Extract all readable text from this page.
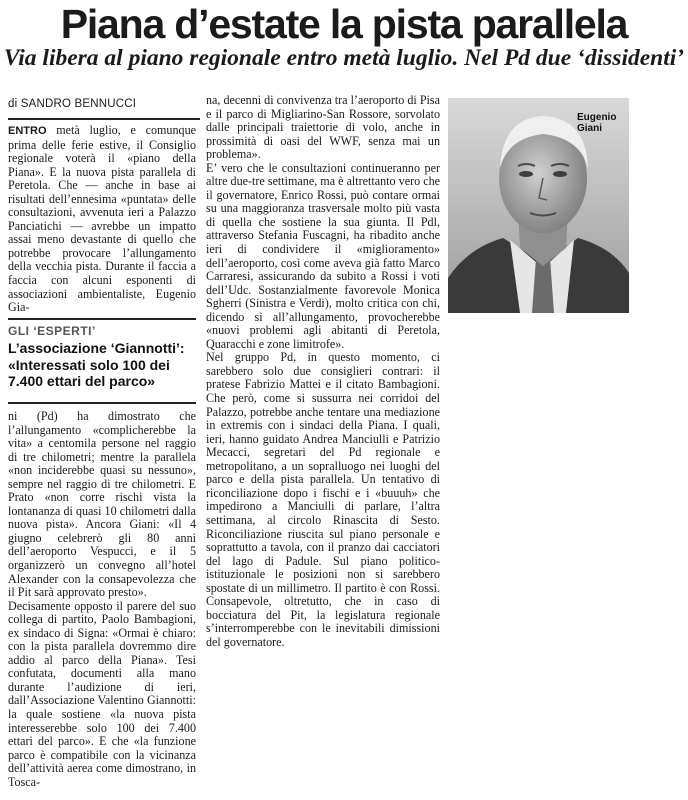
Piana d’estate la pista parallela
Via libera al piano regionale entro metà luglio. Nel Pd due ‘dissidenti’
di SANDRO BENNUCCI

ENTRO metà luglio, e comunque prima delle ferie estive, il Consiglio regionale voterà il «piano della Piana». E la nuova pista parallela di Peretola. Che — anche in base ai risultati dell’ennesima «puntata» delle consultazioni, avvenuta ieri a Palazzo Panciatichi — avrebbe un impatto assai meno devastante di quello che potrebbe provocare l’allungamento della vecchia pista. Durante il faccia a faccia con alcuni esponenti di associazioni ambientaliste, Eugenio Gia-

GLI ‘ESPERTI’

L’associazione ‘Giannotti’: «Interessati solo 100 dei 7.400 ettari del parco»

ni (Pd) ha dimostrato che l’allungamento «complicherebbe la vita» a centomila persone nel raggio di tre chilometri; mentre la parallela «non inciderebbe quasi su nessuno», sempre nel raggio di tre chilometri. E Prato «non corre rischi vista la lontananza di quasi 10 chilometri dalla nuova pista». Ancora Giani: «Il 4 giugno celebrerò gli 80 anni dell’aeroporto Vespucci, e il 5 organizzerò un convegno all’hotel Alexander con la consapevolezza che il Pit sarà approvato presto».

Decisamente opposto il parere del suo collega di partito, Paolo Bambagioni, ex sindaco di Signa: «Ormai è chiaro: con la pista parallela dovremmo dire addio al parco della Piana». Tesi confutata, documenti alla mano durante l’audizione di ieri, dall’Associazione Valentino Giannotti: la quale sostiene «la nuova pista interesserebbe solo 100 dei 7.400 ettari del parco». E che «la funzione parco è compatibile con la vicinanza dell’attività aerea come dimostrano, in Tosca-

na, decenni di convivenza tra l’aeroporto di Pisa e il parco di Migliarino-San Rossore, sorvolato dalle principali traiettorie di volo, anche in prossimità di oasi del WWF, senza mai un problema».

E’ vero che le consultazioni continueranno per altre due-tre settimane, ma è altrettanto vero che il governatore, Enrico Rossi, può contare ormai su una maggioranza trasversale molto più vasta di quella che sostiene la sua giunta. Il Pdl, attraverso Stefania Fuscagni, ha ribadito anche ieri di condividere il «miglioramento» dell’aeroporto, così come aveva già fatto Marco Carraresi, assicurando da subito a Rossi i voti dell’Udc. Sostanzialmente favorevole Monica Sgherri (Sinistra e Verdi), molto critica con chi, dicendo sì all’allungamento, provocherebbe «nuovi problemi agli abitanti di Peretola, Quaracchi e zone limitrofe».

Nel gruppo Pd, in questo momento, ci sarebbero solo due consiglieri contrari: il pratese Fabrizio Mattei e il citato Bambagioni. Che però, come si sussurra nei corridoi del Palazzo, potrebbe anche tentare una mediazione in extremis con i sindaci della Piana. I quali, ieri, hanno guidato Andrea Manciulli e Patrizio Mecacci, segretari del Pd regionale e metropolitano, a un sopralluogo nei luoghi del parco e della pista parallela. Un tentativo di riconciliazione dopo i fischi e i «buuuh» che impedirono a Manciulli di parlare, l’altra settimana, al circolo Rinascita di Sesto. Riconciliazione riuscita sul piano personale e soprattutto a tavola, con il pranzo dai cacciatori del lago di Padule. Sul piano politico-istituzionale le posizioni non si sarebbero spostate di un millimetro. Il partito è con Rossi. Consapevole, oltretutto, che in caso di bocciatura del Pit, la legislatura regionale s’interromperebbe con le inevitabili dimissioni del governatore.

Eugenio
Giani
